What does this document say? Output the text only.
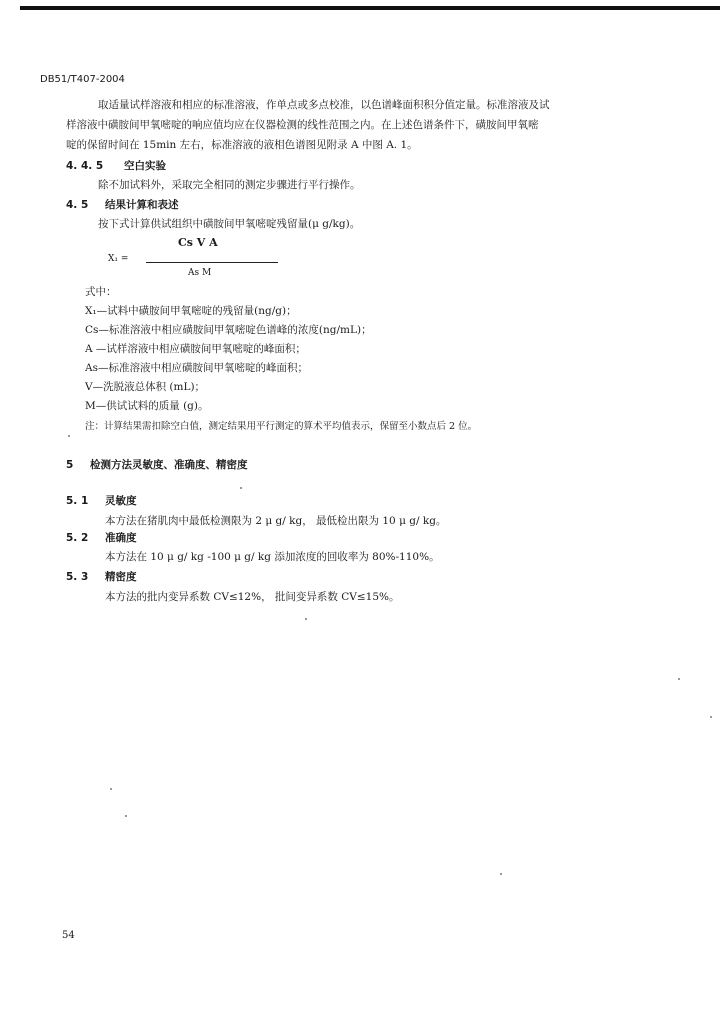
DB51/T407-2004
取适量试样溶液和相应的标准溶液，作单点或多点校准，以色谱峰面积积分值定量。标准溶液及试
样溶液中磺胺间甲氧嘧啶的响应值均应在仪器检测的线性范围之内。在上述色谱条件下，磺胺间甲氧嘧
啶的保留时间在 15min 左右，标准溶液的液相色谱图见附录 A 中图 A. 1。
4. 4. 5 空白实验
除不加试料外，采取完全相同的测定步骤进行平行操作。
4. 5 结果计算和表述
按下式计算供试组织中磺胺间甲氧嘧啶残留量(μ g/kg)。
X₁ =
Cs V A
As M
式中：
X₁—试料中磺胺间甲氧嘧啶的残留量(ng/g)；
Cs—标准溶液中相应磺胺间甲氧嘧啶色谱峰的浓度(ng/mL)；
A —试样溶液中相应磺胺间甲氧嘧啶的峰面积；
As—标准溶液中相应磺胺间甲氧嘧啶的峰面积；
V—洗脱液总体积 (mL)；
M—供试试料的质量 (g)。
注：计算结果需扣除空白值，测定结果用平行测定的算术平均值表示，保留至小数点后 2 位。
5 检测方法灵敏度、准确度、精密度
5. 1 灵敏度
本方法在猪肌肉中最低检测限为 2 μ g/ kg， 最低检出限为 10 μ g/ kg。
5. 2 准确度
本方法在 10 μ g/ kg -100 μ g/ kg 添加浓度的回收率为 80%-110%。
5. 3 精密度
本方法的批内变异系数 CV≤12%， 批间变异系数 CV≤15%。
54
